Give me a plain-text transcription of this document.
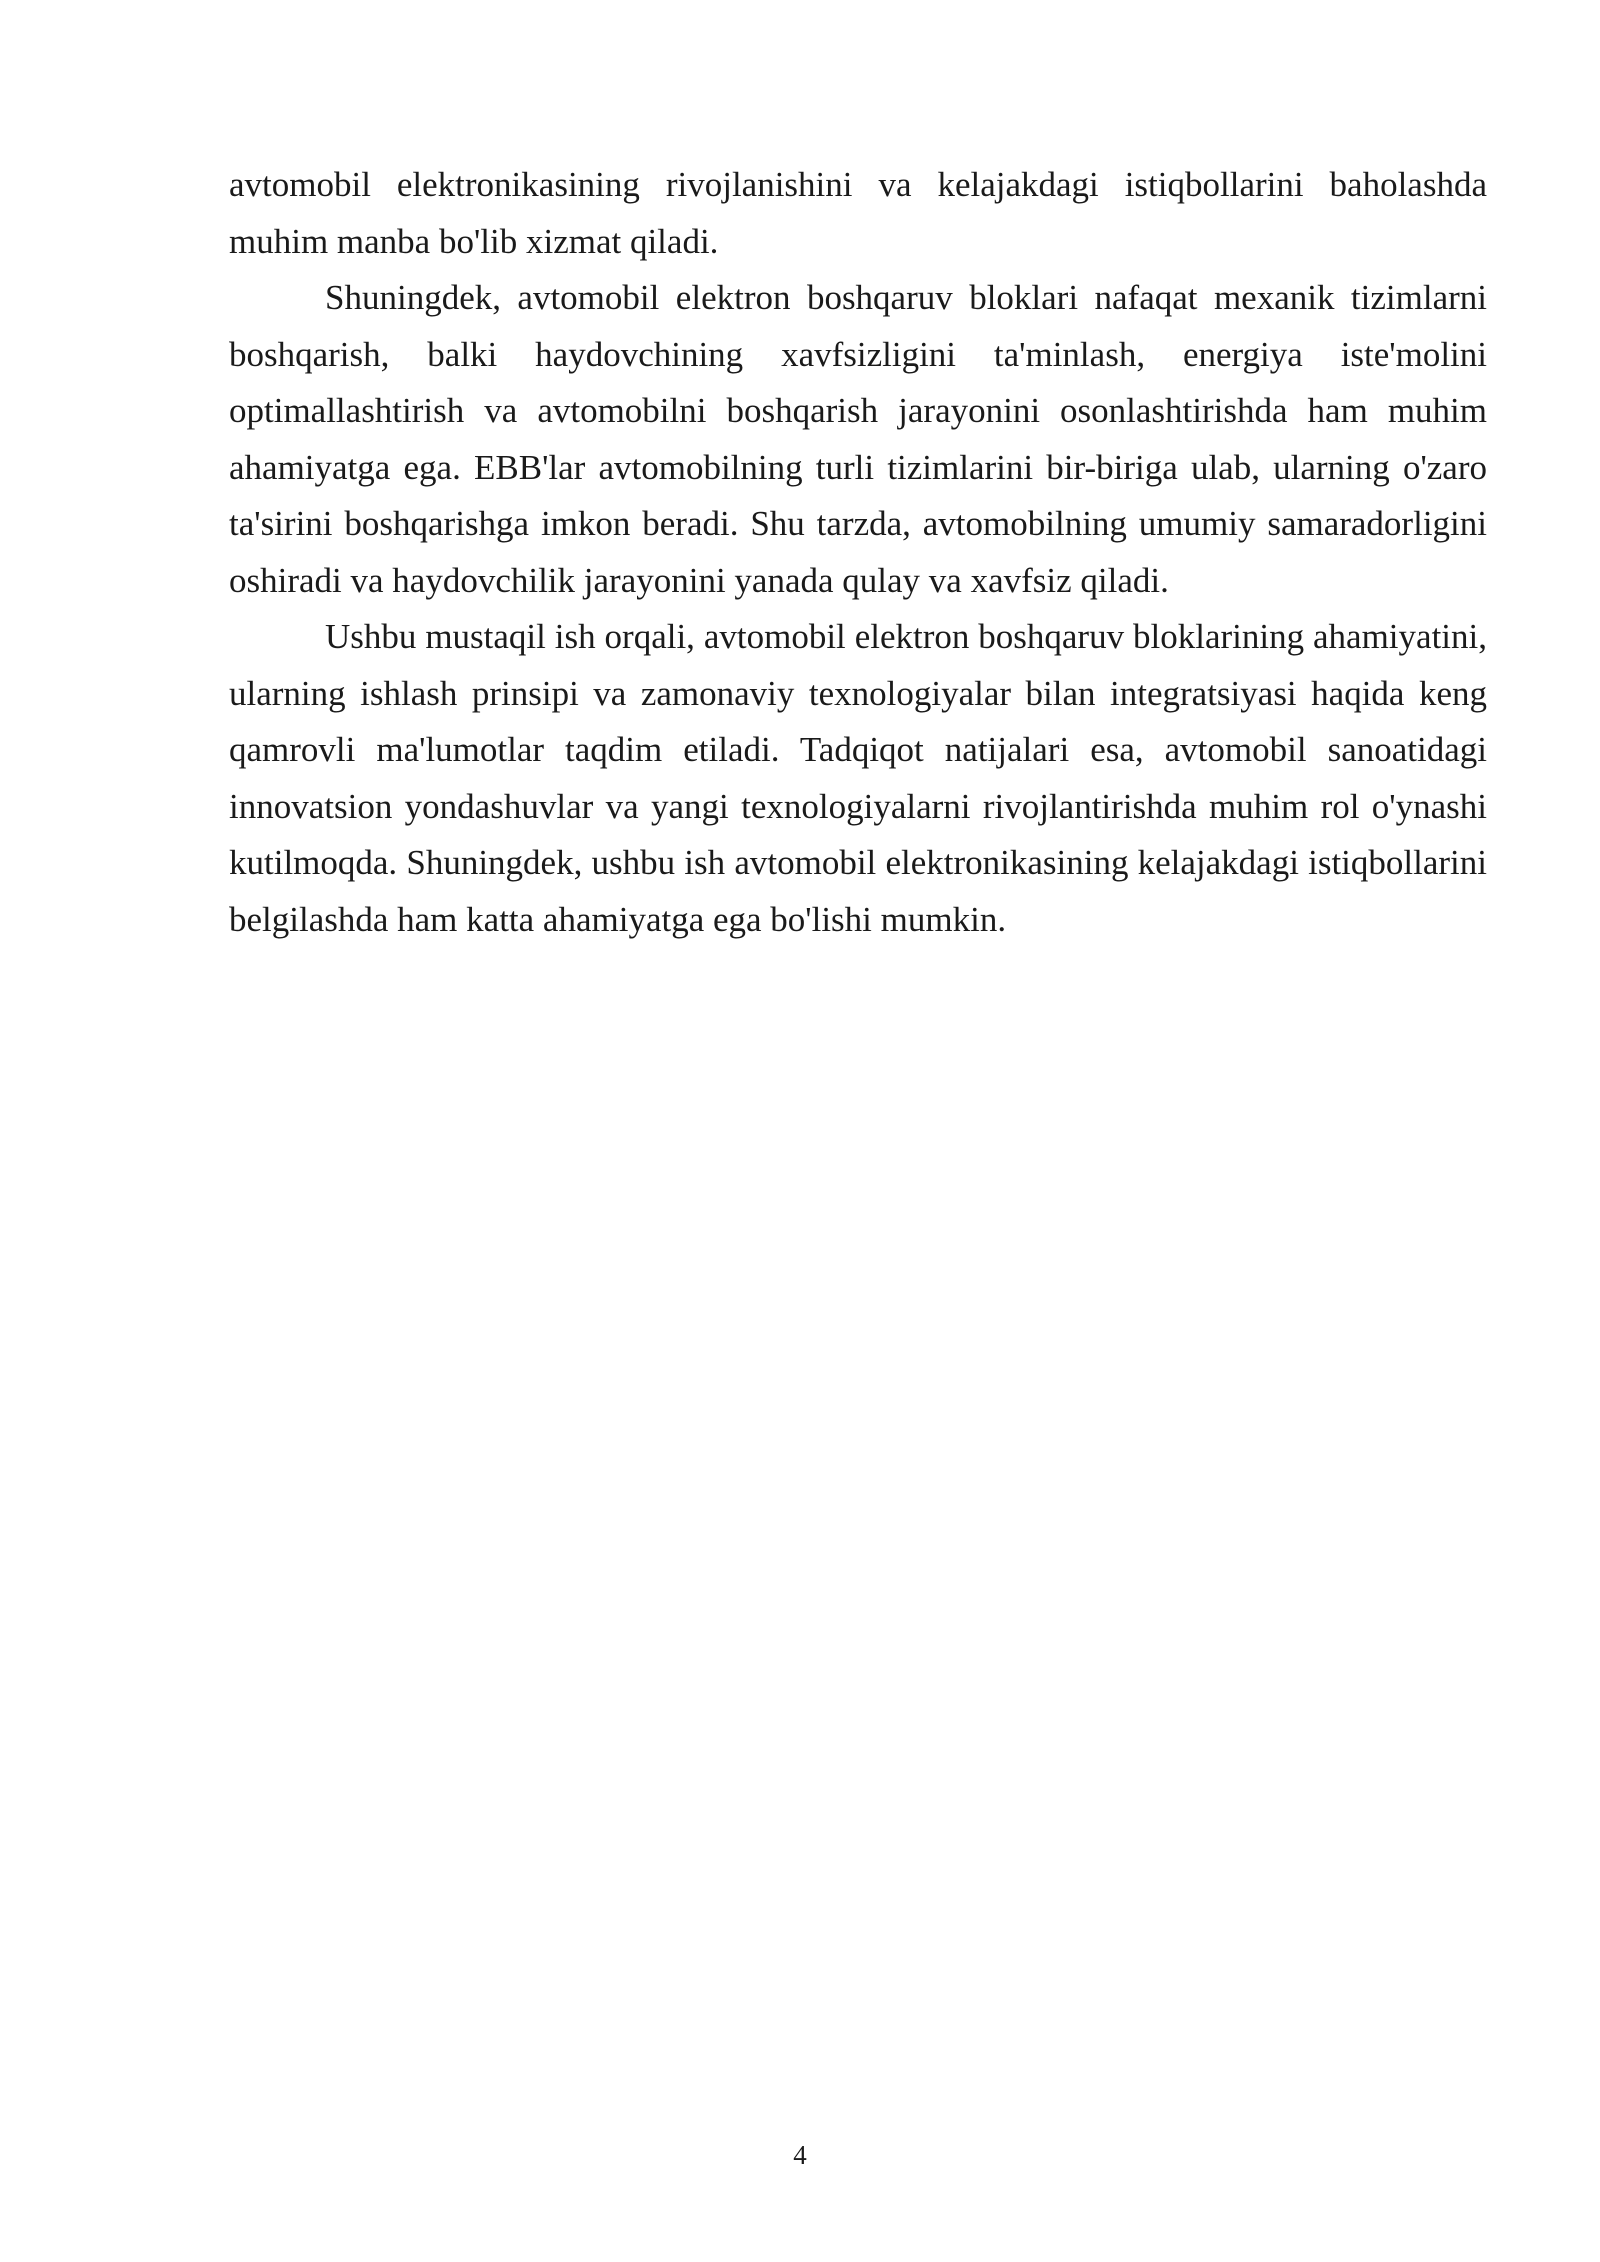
avtomobil elektronikasining rivojlanishini va kelajakdagi istiqbollarini baholashda muhim manba bo'lib xizmat qiladi.

Shuningdek, avtomobil elektron boshqaruv bloklari nafaqat mexanik tizimlarni boshqarish, balki haydovchining xavfsizligini ta'minlash, energiya iste'molini optimallashtirish va avtomobilni boshqarish jarayonini osonlashtirishda ham muhim ahamiyatga ega. EBB'lar avtomobilning turli tizimlarini bir-biriga ulab, ularning o'zaro ta'sirini boshqarishga imkon beradi. Shu tarzda, avtomobilning umumiy samaradorligini oshiradi va haydovchilik jarayonini yanada qulay va xavfsiz qiladi.

Ushbu mustaqil ish orqali, avtomobil elektron boshqaruv bloklarining ahamiyatini, ularning ishlash prinsipi va zamonaviy texnologiyalar bilan integratsiyasi haqida keng qamrovli ma'lumotlar taqdim etiladi. Tadqiqot natijalari esa, avtomobil sanoatidagi innovatsion yondashuvlar va yangi texnologiyalarni rivojlantirishda muhim rol o'ynashi kutilmoqda. Shuningdek, ushbu ish avtomobil elektronikasining kelajakdagi istiqbollarini belgilashda ham katta ahamiyatga ega bo'lishi mumkin.

4
